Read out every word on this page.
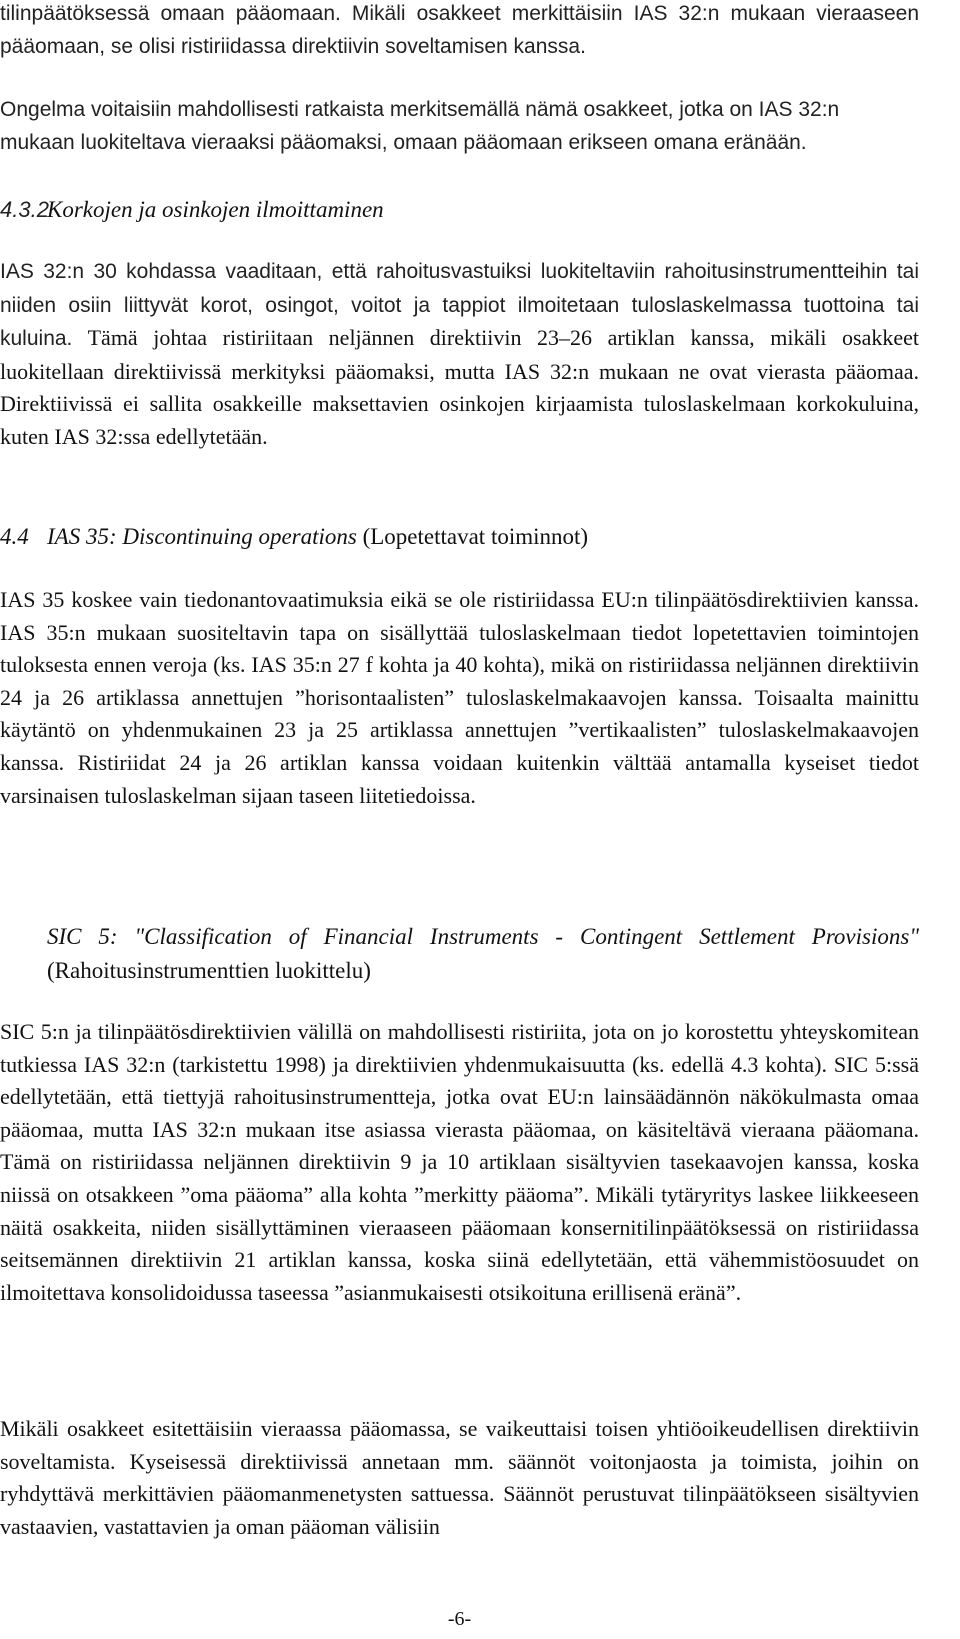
tilinpäätöksessä omaan pääomaan. Mikäli osakkeet merkittäisiin IAS 32:n mukaan vieraaseen pääomaan, se olisi ristiriidassa direktiivin soveltamisen kanssa.

Ongelma voitaisiin mahdollisesti ratkaista merkitsemällä nämä osakkeet, jotka on IAS 32:n mukaan luokiteltava vieraaksi pääomaksi, omaan pääomaan erikseen omana eränään.

4.3.2Korkojen ja osinkojen ilmoittaminen

IAS 32:n 30 kohdassa vaaditaan, että rahoitusvastuiksi luokiteltaviin rahoitusinstrumentteihin tai niiden osiin liittyvät korot, osingot, voitot ja tappiot ilmoitetaan tuloslaskelmassa tuottoina tai kuluina. Tämä johtaa ristiriitaan neljännen direktiivin 23–26 artiklan kanssa, mikäli osakkeet luokitellaan direktiivissä merkityksi pääomaksi, mutta IAS 32:n mukaan ne ovat vierasta pääomaa. Direktiivissä ei sallita osakkeille maksettavien osinkojen kirjaamista tuloslaskelmaan korkokuluina, kuten IAS 32:ssa edellytetään.

4.4 IAS 35: Discontinuing operations (Lopetettavat toiminnot)

IAS 35 koskee vain tiedonantovaatimuksia eikä se ole ristiriidassa EU:n tilinpäätösdirektiivien kanssa. IAS 35:n mukaan suositeltavin tapa on sisällyttää tuloslaskelmaan tiedot lopetettavien toimintojen tuloksesta ennen veroja (ks. IAS 35:n 27 f kohta ja 40 kohta), mikä on ristiriidassa neljännen direktiivin 24 ja 26 artiklassa annettujen ”horisontaalisten” tuloslaskelmakaavojen kanssa. Toisaalta mainittu käytäntö on yhdenmukainen 23 ja 25 artiklassa annettujen ”vertikaalisten” tuloslaskelmakaavojen kanssa. Ristiriidat 24 ja 26 artiklan kanssa voidaan kuitenkin välttää antamalla kyseiset tiedot varsinaisen tuloslaskelman sijaan taseen liitetiedoissa.

SIC 5: "Classification of Financial Instruments - Contingent Settlement Provisions" (Rahoitusinstrumenttien luokittelu)

SIC 5:n ja tilinpäätösdirektiivien välillä on mahdollisesti ristiriita, jota on jo korostettu yhteyskomitean tutkiessa IAS 32:n (tarkistettu 1998) ja direktiivien yhdenmukaisuutta (ks. edellä 4.3 kohta). SIC 5:ssä edellytetään, että tiettyjä rahoitusinstrumentteja, jotka ovat EU:n lainsäädännön näkökulmasta omaa pääomaa, mutta IAS 32:n mukaan itse asiassa vierasta pääomaa, on käsiteltävä vieraana pääomana. Tämä on ristiriidassa neljännen direktiivin 9 ja 10 artiklaan sisältyvien tasekaavojen kanssa, koska niissä on otsakkeen ”oma pääoma” alla kohta ”merkitty pääoma”. Mikäli tytäryritys laskee liikkeeseen näitä osakkeita, niiden sisällyttäminen vieraaseen pääomaan konsernitilinpäätöksessä on ristiriidassa seitsemännen direktiivin 21 artiklan kanssa, koska siinä edellytetään, että vähemmistöosuudet on ilmoitettava konsolidoidussa taseessa ”asianmukaisesti otsikoituna erillisenä eränä”.

Mikäli osakkeet esitettäisiin vieraassa pääomassa, se vaikeuttaisi toisen yhtiöoikeudellisen direktiivin soveltamista. Kyseisessä direktiivissä annetaan mm. säännöt voitonjaosta ja toimista, joihin on ryhdyttävä merkittävien pääomanmenetysten sattuessa. Säännöt perustuvat tilinpäätökseen sisältyvien vastaavien, vastattavien ja oman pääoman välisiin

-6-
